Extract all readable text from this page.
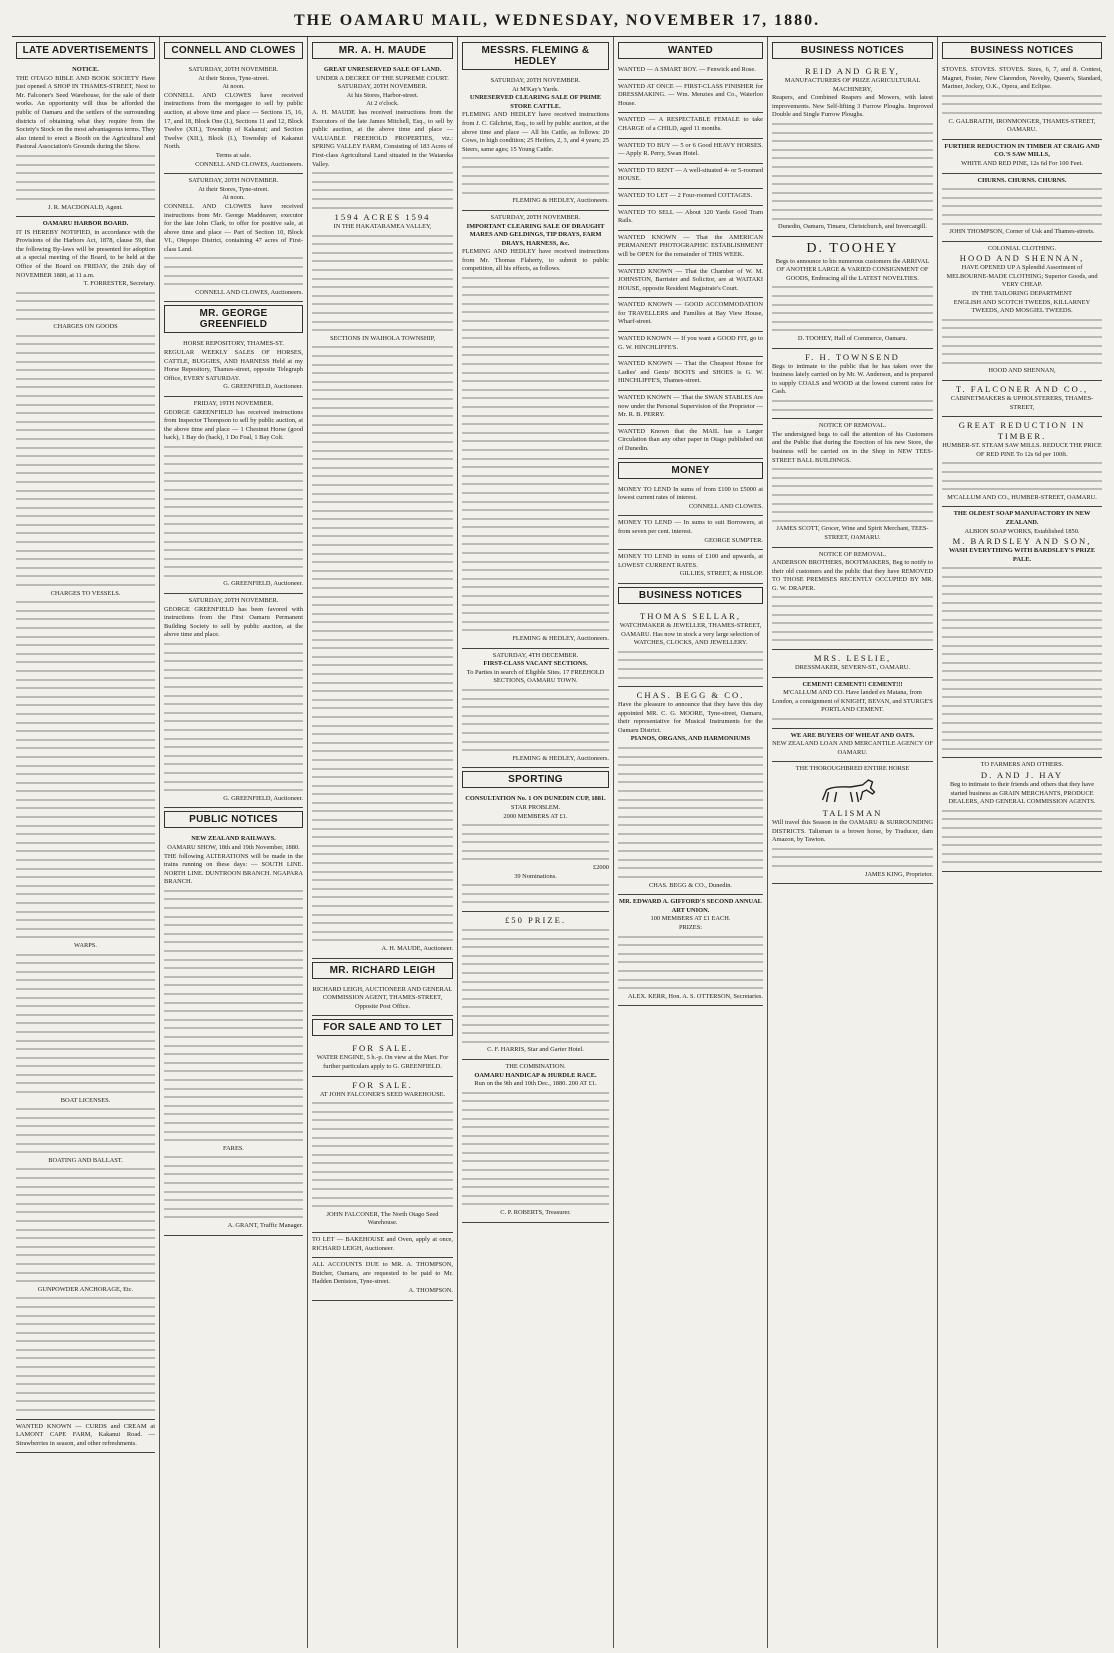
THE OAMARU MAIL, WEDNESDAY, NOVEMBER 17, 1880.
LATE ADVERTISEMENTS
NOTICE.
THE OTAGO BIBLE AND BOOK SOCIETY Have just opened A SHOP IN THAMES-STREET, Next to Mr. Falconer's Seed Warehouse, for the sale of their works. An opportunity will thus be afforded the public of Oamaru and the settlers of the surrounding districts of obtaining what they require from the Society's Stock on the most advantageous terms. They also intend to erect a Booth on the Agricultural and Pastoral Association's Grounds during the Show.
J. R. MACDONALD, Agent.
OAMARU HARBOR BOARD.
IT IS HEREBY NOTIFIED, in accordance with the Provisions of the Harbors Act, 1878, clause 59, that the following By-laws will be presented for adoption at a special meeting of the Board, to be held at the Office of the Board on FRIDAY, the 26th day of NOVEMBER 1880, at 11 a.m.
T. FORRESTER, Secretary.
CHARGES ON GOODS
CHARGES TO VESSELS.
WARPS.
BOAT LICENSES.
BOATING AND BALLAST.
GUNPOWDER ANCHORAGE, Etc.
WANTED KNOWN — CURDS and CREAM at LAMONT CAPE FARM, Kakanui Road. — Strawberries in season, and other refreshments.
CONNELL AND CLOWES
SATURDAY, 20TH NOVEMBER.
At their Stores, Tyne-street.
At noon.
CONNELL AND CLOWES have received instructions from the mortgagee to sell by public auction, at above time and place — Sections 15, 16, 17, and 18, Block One (I.), Sections 11 and 12, Block Twelve (XII.), Township of Kakanui; and Section Twelve (XII.), Block (I.), Township of Kakanui North.
Terms at sale.
CONNELL AND CLOWES, Auctioneers.
SATURDAY, 20TH NOVEMBER.
At their Stores, Tyne-street.
At noon.
CONNELL AND CLOWES have received instructions from Mr. George Maddeaver, executor for the late John Clark, to offer for positive sale, at above time and place — Part of Section 10, Block VI., Otepopo District, containing 47 acres of First-class Land.
CONNELL AND CLOWES, Auctioneers.
MR. GEORGE GREENFIELD
HORSE REPOSITORY, THAMES-ST.
REGULAR WEEKLY SALES OF HORSES, CATTLE, BUGGIES, AND HARNESS Held at my Horse Repository, Thames-street, opposite Telegraph Office, EVERY SATURDAY.
G. GREENFIELD, Auctioneer.
FRIDAY, 19TH NOVEMBER.
GEORGE GREENFIELD has received instructions from Inspector Thompson to sell by public auction, at the above time and place — 1 Chestnut Horse (good hack), 1 Bay do (hack), 1 Do Foal, 1 Bay Colt.
G. GREENFIELD, Auctioneer.
SATURDAY, 20TH NOVEMBER.
GEORGE GREENFIELD has been favored with instructions from the First Oamaru Permanent Building Society to sell by public auction, at the above time and place.
G. GREENFIELD, Auctioneer.
PUBLIC NOTICES
NEW ZEALAND RAILWAYS.
OAMARU SHOW, 18th and 19th November, 1880.
THE following ALTERATIONS will be made in the trains running on these days: — SOUTH LINE. NORTH LINE. DUNTROON BRANCH. NGAPARA BRANCH.
FARES.
A. GRANT, Traffic Manager.
MR. A. H. MAUDE
GREAT UNRESERVED SALE OF LAND.
UNDER A DECREE OF THE SUPREME COURT.
SATURDAY, 20TH NOVEMBER.
At his Stores, Harbor-street.
At 2 o'clock.
A. H. MAUDE has received instructions from the Executors of the late James Mitchell, Esq., to sell by public auction, at the above time and place — VALUABLE FREEHOLD PROPERTIES, viz.: SPRING VALLEY FARM, Consisting of 183 Acres of First-class Agricultural Land situated in the Waiareka Valley.
1594 ACRES 1594
IN THE HAKATARAMEA VALLEY,
SECTIONS IN WAIHOLA TOWNSHIP,
A. H. MAUDE, Auctioneer.
MR. RICHARD LEIGH
RICHARD LEIGH, AUCTIONEER AND GENERAL COMMISSION AGENT, THAMES-STREET, Opposite Post Office.
FOR SALE AND TO LET
FOR SALE.
WATER ENGINE, 5 h.-p. On view at the Mart. For further particulars apply to G. GREENFIELD.
FOR SALE.
AT JOHN FALCONER'S SEED WAREHOUSE.
JOHN FALCONER, The North Otago Seed Warehouse.
TO LET — BAKEHOUSE and Oven, apply at once, RICHARD LEIGH, Auctioneer.
ALL ACCOUNTS DUE to MR. A. THOMPSON, Butcher, Oamaru, are requested to be paid to Mr. Hadden Deniston, Tyne-street.
A. THOMPSON.
MESSRS. FLEMING & HEDLEY
SATURDAY, 20TH NOVEMBER.
At M'Kay's Yards.
UNRESERVED CLEARING SALE OF PRIME STORE CATTLE.
FLEMING AND HEDLEY have received instructions from J. C. Gilchrist, Esq., to sell by public auction, at the above time and place — All his Cattle, as follows: 20 Cows, in high condition; 25 Heifers, 2, 3, and 4 years; 25 Steers, same ages; 15 Young Cattle.
FLEMING & HEDLEY, Auctioneers.
SATURDAY, 20TH NOVEMBER.
IMPORTANT CLEARING SALE OF DRAUGHT MARES AND GELDINGS, TIP DRAYS, FARM DRAYS, HARNESS, &c.
FLEMING AND HEDLEY have received instructions from Mr. Thomas Flaherty, to submit to public competition, all his effects, as follows.
FLEMING & HEDLEY, Auctioneers.
SATURDAY, 4TH DECEMBER.
FIRST-CLASS VACANT SECTIONS.
To Parties in search of Eligible Sites. 17 FREEHOLD SECTIONS, OAMARU TOWN.
FLEMING & HEDLEY, Auctioneers.
SPORTING
CONSULTATION No. 1 ON DUNEDIN CUP, 1881.
STAR PROBLEM.
2000 MEMBERS AT £1.
£2000
39 Nominations.
£50 PRIZE.
C. F. HARRIS, Star and Garter Hotel.
THE COMBINATION.
OAMARU HANDICAP & HURDLE RACE.
Run on the 9th and 10th Dec., 1880. 200 AT £1.
C. P. ROBERTS, Treasurer.
WANTED
WANTED — A SMART BOY. — Fenwick and Rose.
WANTED AT ONCE — FIRST-CLASS FINISHER for DRESSMAKING. — Wm. Menzies and Co., Waterloo House.
WANTED — A RESPECTABLE FEMALE to take CHARGE of a CHILD, aged 11 months.
WANTED TO BUY — 5 or 6 Good HEAVY HORSES. — Apply R. Perry, Swan Hotel.
WANTED TO RENT — A well-situated 4- or 5-roomed HOUSE.
WANTED TO LET — 2 Four-roomed COTTAGES.
WANTED TO SELL — About 120 Yards Good Tram Rails.
WANTED KNOWN — That the AMERICAN PERMANENT PHOTOGRAPHIC ESTABLISHMENT will be OPEN for the remainder of THIS WEEK.
WANTED KNOWN — That the Chamber of W. M. JOHNSTON, Barrister and Solicitor, are at WAITAKI HOUSE, opposite Resident Magistrate's Court.
WANTED KNOWN — GOOD ACCOMMODATION for TRAVELLERS and Families at Bay View House, Wharf-street.
WANTED KNOWN — If you want a GOOD FIT, go to G. W. HINCHLIFFE'S.
WANTED KNOWN — That the Cheapest House for Ladies' and Gents' BOOTS and SHOES is G. W. HINCHLIFFE'S, Thames-street.
WANTED KNOWN — That the SWAN STABLES Are now under the Personal Supervision of the Proprietor — Mr. R. B. PERRY.
WANTED Known that the MAIL has a Larger Circulation than any other paper in Otago published out of Dunedin.
MONEY
MONEY TO LEND In sums of from £100 to £5000 at lowest current rates of interest.
CONNELL AND CLOWES.
MONEY TO LEND — In sums to suit Borrowers, at from seven per cent. interest.
GEORGE SUMPTER.
MONEY TO LEND in sums of £100 and upwards, at LOWEST CURRENT RATES.
GILLIES, STREET, & HISLOP.
BUSINESS NOTICES
THOMAS SELLAR,
WATCHMAKER & JEWELLER, THAMES-STREET, OAMARU. Has now in stock a very large selection of WATCHES, CLOCKS, AND JEWELLERY.
CHAS. BEGG & CO.
Have the pleasure to announce that they have this day appointed MR. C. G. MOORE, Tyne-street, Oamaru, their representative for Musical Instruments for the Oamaru District.
PIANOS, ORGANS, AND HARMONIUMS
CHAS. BEGG & CO., Dunedin.
MR. EDWARD A. GIFFORD'S SECOND ANNUAL ART UNION.
100 MEMBERS AT £1 EACH.
PRIZES:
ALEX. KERR, Hon. A. S. OTTERSON, Secretaries.
BUSINESS NOTICES
REID AND GREY,
MANUFACTURERS OF PRIZE AGRICULTURAL MACHINERY,
Reapers, and Combined Reapers and Mowers, with latest improvements. New Self-lifting 3 Furrow Ploughs. Improved Double and Single Furrow Ploughs.
Dunedin, Oamaru, Timaru, Christchurch, and Invercargill.
D. TOOHEY
Begs to announce to his numerous customers the ARRIVAL OF ANOTHER LARGE & VARIED CONSIGNMENT OF GOODS, Embracing all the LATEST NOVELTIES.
D. TOOHEY, Hall of Commerce, Oamaru.
F. H. TOWNSEND
Begs to intimate to the public that he has taken over the business lately carried on by Mr. W. Anderson, and is prepared to supply COALS and WOOD at the lowest current rates for Cash.
NOTICE OF REMOVAL.
The undersigned begs to call the attention of his Customers and the Public that during the Erection of his new Store, the business will be carried on in the Shop in NEW TEES-STREET BALL BUILDINGS.
JAMES SCOTT, Grocer, Wine and Spirit Merchant, TEES-STREET, OAMARU.
NOTICE OF REMOVAL.
ANDERSON BROTHERS, BOOTMAKERS, Beg to notify to their old customers and the public that they have REMOVED TO THOSE PREMISES RECENTLY OCCUPIED BY MR. G. W. DRAPER.
MRS. LESLIE,
DRESSMAKER, SEVERN-ST., OAMARU.
CEMENT! CEMENT!! CEMENT!!!
M'CALLUM AND CO. Have landed ex Matana, from London, a consignment of KNIGHT, BEVAN, and STURGE'S PORTLAND CEMENT.
WE ARE BUYERS OF WHEAT AND OATS.
NEW ZEALAND LOAN AND MERCANTILE AGENCY OF OAMARU.
THE THOROUGHBRED ENTIRE HORSE
TALISMAN
Will travel this Season in the OAMARU & SURROUNDING DISTRICTS. Talisman is a brown horse, by Traducer, dam Amazon, by Tawton.
JAMES KING, Proprietor.
BUSINESS NOTICES
STOVES. STOVES. STOVES. Sizes, 6, 7, and 8. Contest, Magnet, Foster, New Clarendon, Novelty, Queen's, Standard, Mariner, Jockey, O.K., Opera, and Eclipse.
C. GALBRAITH, IRONMONGER, THAMES-STREET, OAMARU.
FURTHER REDUCTION IN TIMBER AT CRAIG AND CO.'S SAW MILLS,
WHITE AND RED PINE, 12s 6d For 100 Feet.
CHURNS. CHURNS. CHURNS.
JOHN THOMPSON, Corner of Usk and Thames-streets.
COLONIAL CLOTHING.
HOOD AND SHENNAN,
HAVE OPENED UP A Splendid Assortment of MELBOURNE-MADE CLOTHING; Superior Goods, and VERY CHEAP.
IN THE TAILORING DEPARTMENT
ENGLISH AND SCOTCH TWEEDS, KILLARNEY TWEEDS, AND MOSGIEL TWEEDS.
HOOD AND SHENNAN,
T. FALCONER AND CO.,
CABINETMAKERS & UPHOLSTERERS, THAMES-STREET,
GREAT REDUCTION IN TIMBER.
HUMBER-ST. STEAM SAW MILLS. REDUCE THE PRICE OF RED PINE To 12s 6d per 100ft.
M'CALLUM AND CO., HUMBER-STREET, OAMARU.
THE OLDEST SOAP MANUFACTORY IN NEW ZEALAND.
ALBION SOAP WORKS, Established 1850.
M. BARDSLEY AND SON,
WASH EVERYTHING WITH BARDSLEY'S PRIZE PALE.
TO FARMERS AND OTHERS.
D. AND J. HAY
Beg to intimate to their friends and others that they have started business as GRAIN MERCHANTS, PRODUCE DEALERS, AND GENERAL COMMISSION AGENTS.
